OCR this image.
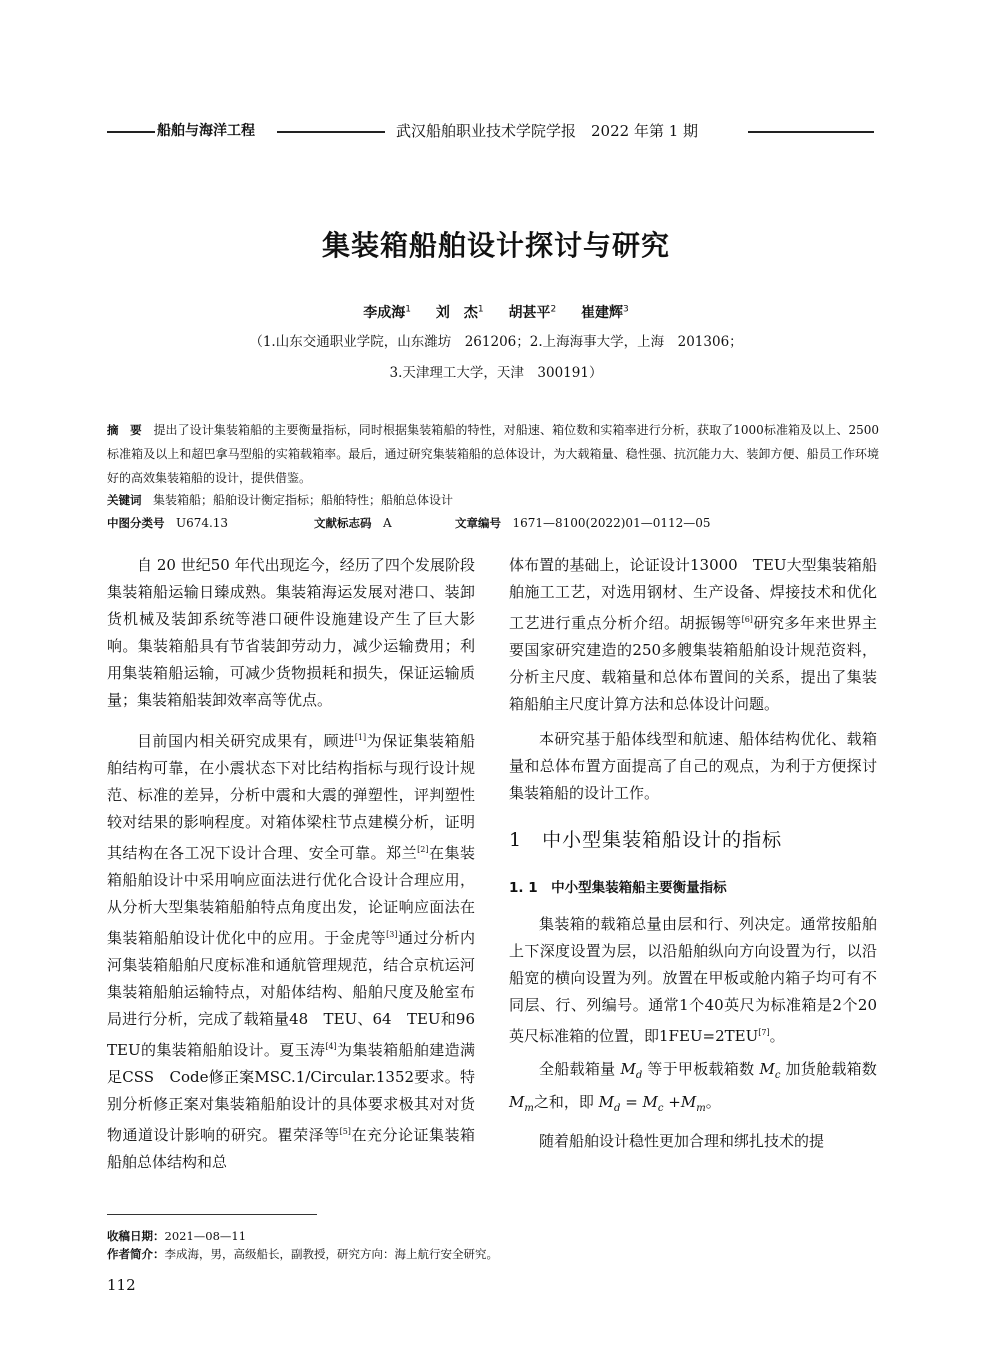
船舶与海洋工程	武汉船舶职业技术学院学报　2022 年第 1 期
集装箱船舶设计探讨与研究
李成海$^1$ 刘　杰$^1$ 胡甚平$^2$ 崔建辉$^3$
（1.山东交通职业学院，山东潍坊　261206；2.上海海事大学，上海　201306；
3.天津理工大学，天津　300191）
摘　要 提出了设计集装箱船的主要衡量指标，同时根据集装箱船的特性，对船速、箱位数和实箱率进行分析，获取了1000标准箱及以上、2500标准箱及以上和超巴拿马型船的实箱载箱率。最后，通过研究集装箱船的总体设计，为大载箱量、稳性强、抗沉能力大、装卸方便、船员工作环境好的高效集装箱船的设计，提供借鉴。
关键词 集装箱船；船舶设计衡定指标；船舶特性；船舶总体设计
中图分类号 U674.13	文献标志码 A	文章编号 1671—8100(2022)01—0112—05

自 20 世纪50 年代出现迄今，经历了四个发展阶段集装箱船运输日臻成熟。集装箱海运发展对港口、装卸货机械及装卸系统等港口硬件设施建设产生了巨大影响。集装箱船具有节省装卸劳动力，减少运输费用；利用集装箱船运输，可减少货物损耗和损失，保证运输质量；集装箱船装卸效率高等优点。

目前国内相关研究成果有，顾进[1]为保证集装箱船舶结构可靠，在小震状态下对比结构指标与现行设计规范、标准的差异，分析中震和大震的弹塑性，评判塑性较对结果的影响程度。对箱体梁柱节点建模分析，证明其结构在各工况下设计合理、安全可靠。郑兰[2]在集装箱船舶设计中采用响应面法进行优化合设计合理应用，从分析大型集装箱船舶特点角度出发，论证响应面法在集装箱船舶设计优化中的应用。于金虎等[3]通过分析内河集装箱船舶尺度标准和通航管理规范，结合京杭运河集装箱船舶运输特点，对船体结构、船舶尺度及舱室布局进行分析，完成了载箱量48　TEU、64　TEU和96　TEU的集装箱船舶设计。夏玉涛[4]为集装箱船舶建造满足CSS　Code修正案MSC.1/Circular.1352要求。特别分析修正案对集装箱船舶设计的具体要求极其对对货物通道设计影响的研究。瞿荣泽等[5]在充分论证集装箱船舶总体结构和总

体布置的基础上，论证设计13000　TEU大型集装箱船舶施工工艺，对选用钢材、生产设备、焊接技术和优化工艺进行重点分析介绍。胡振锡等[6]研究多年来世界主要国家研究建造的250多艘集装箱船舶设计规范资料，分析主尺度、载箱量和总体布置间的关系，提出了集装箱船舶主尺度计算方法和总体设计问题。

本研究基于船体线型和航速、船体结构优化、载箱量和总体布置方面提高了自己的观点，为利于方便探讨集装箱船的设计工作。

1　中小型集装箱船设计的指标

1. 1　中小型集装箱船主要衡量指标

集装箱的载箱总量由层和行、列决定。通常按船舶上下深度设置为层，以沿船舶纵向方向设置为行，以沿船宽的横向设置为列。放置在甲板或舱内箱子均可有不同层、行、列编号。通常1个40英尺为标准箱是2个20英尺标准箱的位置，即1FEU=2TEU[7]。

全船载箱量 $M_d$ 等于甲板载箱数 $M_c$ 加货舱载箱数 $M_m$之和，即 $M_d = M_c +M_m$。

随着船舶设计稳性更加合理和绑扎技术的提

收稿日期：2021—08—11
作者简介：李成海，男，高级船长，副教授，研究方向：海上航行安全研究。
112
